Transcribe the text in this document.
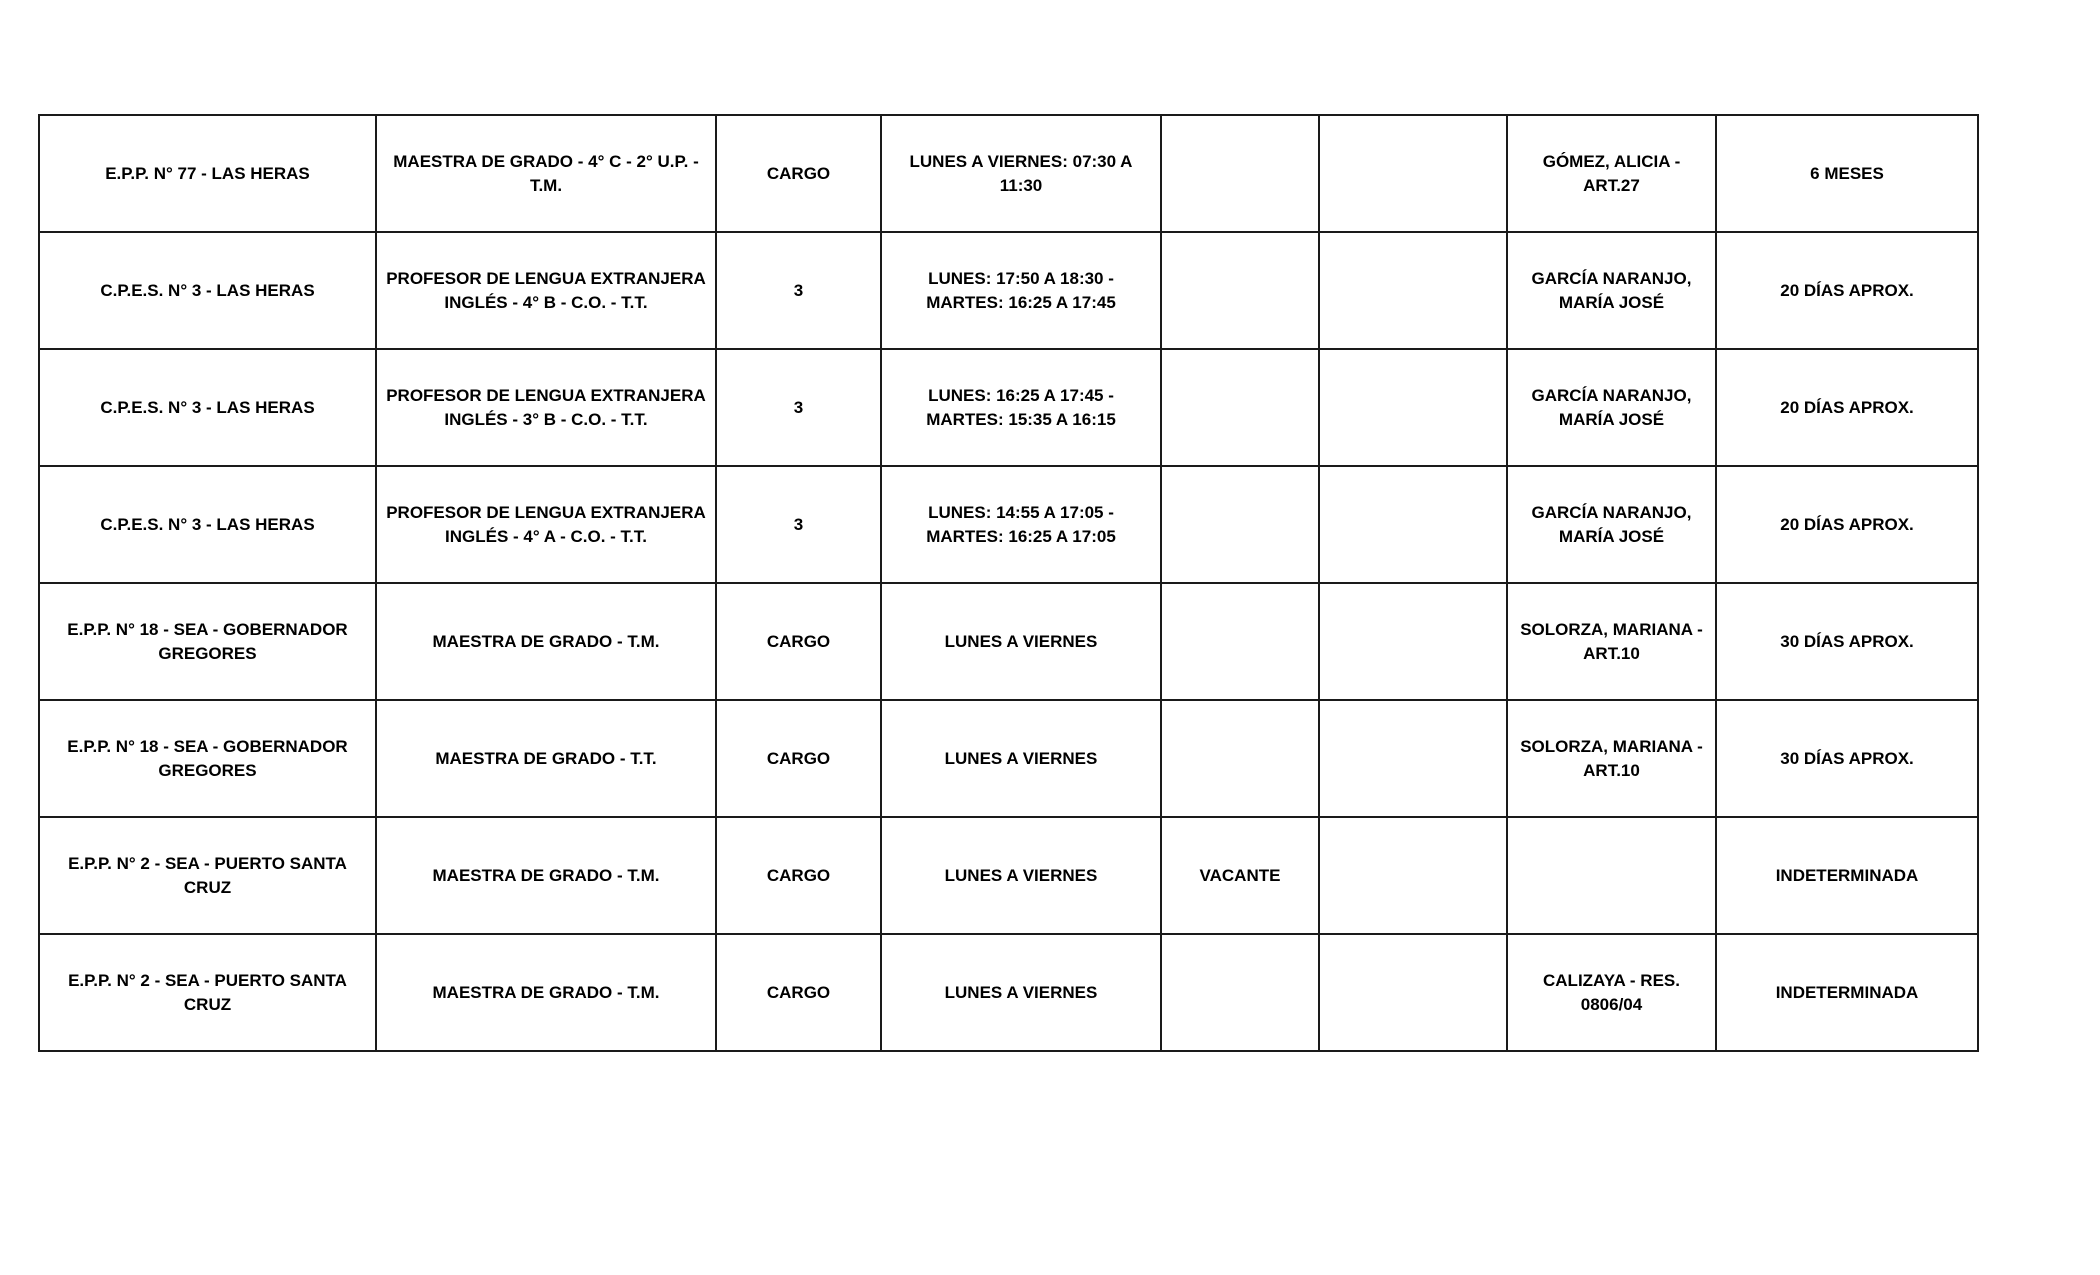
E.P.P. N° 77 - LAS HERAS	MAESTRA DE GRADO - 4° C - 2° U.P. - T.M.	CARGO	LUNES A VIERNES: 07:30 A 11:30			GÓMEZ, ALICIA - ART.27	6 MESES
C.P.E.S. N° 3 - LAS HERAS	PROFESOR DE LENGUA EXTRANJERA INGLÉS - 4° B - C.O. - T.T.	3	LUNES: 17:50 A 18:30 - MARTES: 16:25 A 17:45			GARCÍA NARANJO, MARÍA JOSÉ	20 DÍAS APROX.
C.P.E.S. N° 3 - LAS HERAS	PROFESOR DE LENGUA EXTRANJERA INGLÉS - 3° B - C.O. - T.T.	3	LUNES: 16:25 A 17:45 - MARTES: 15:35 A 16:15			GARCÍA NARANJO, MARÍA JOSÉ	20 DÍAS APROX.
C.P.E.S. N° 3 - LAS HERAS	PROFESOR DE LENGUA EXTRANJERA INGLÉS - 4° A - C.O. - T.T.	3	LUNES: 14:55 A 17:05 - MARTES: 16:25 A 17:05			GARCÍA NARANJO, MARÍA JOSÉ	20 DÍAS APROX.
E.P.P. N° 18 - SEA - GOBERNADOR GREGORES	MAESTRA DE GRADO - T.M.	CARGO	LUNES A VIERNES			SOLORZA, MARIANA - ART.10	30 DÍAS APROX.
E.P.P. N° 18 - SEA - GOBERNADOR GREGORES	MAESTRA DE GRADO - T.T.	CARGO	LUNES A VIERNES			SOLORZA, MARIANA - ART.10	30 DÍAS APROX.
E.P.P. N° 2 - SEA - PUERTO SANTA CRUZ	MAESTRA DE GRADO - T.M.	CARGO	LUNES A VIERNES	VACANTE			INDETERMINADA
E.P.P. N° 2 - SEA - PUERTO SANTA CRUZ	MAESTRA DE GRADO - T.M.	CARGO	LUNES A VIERNES			CALIZAYA - RES. 0806/04	INDETERMINADA
